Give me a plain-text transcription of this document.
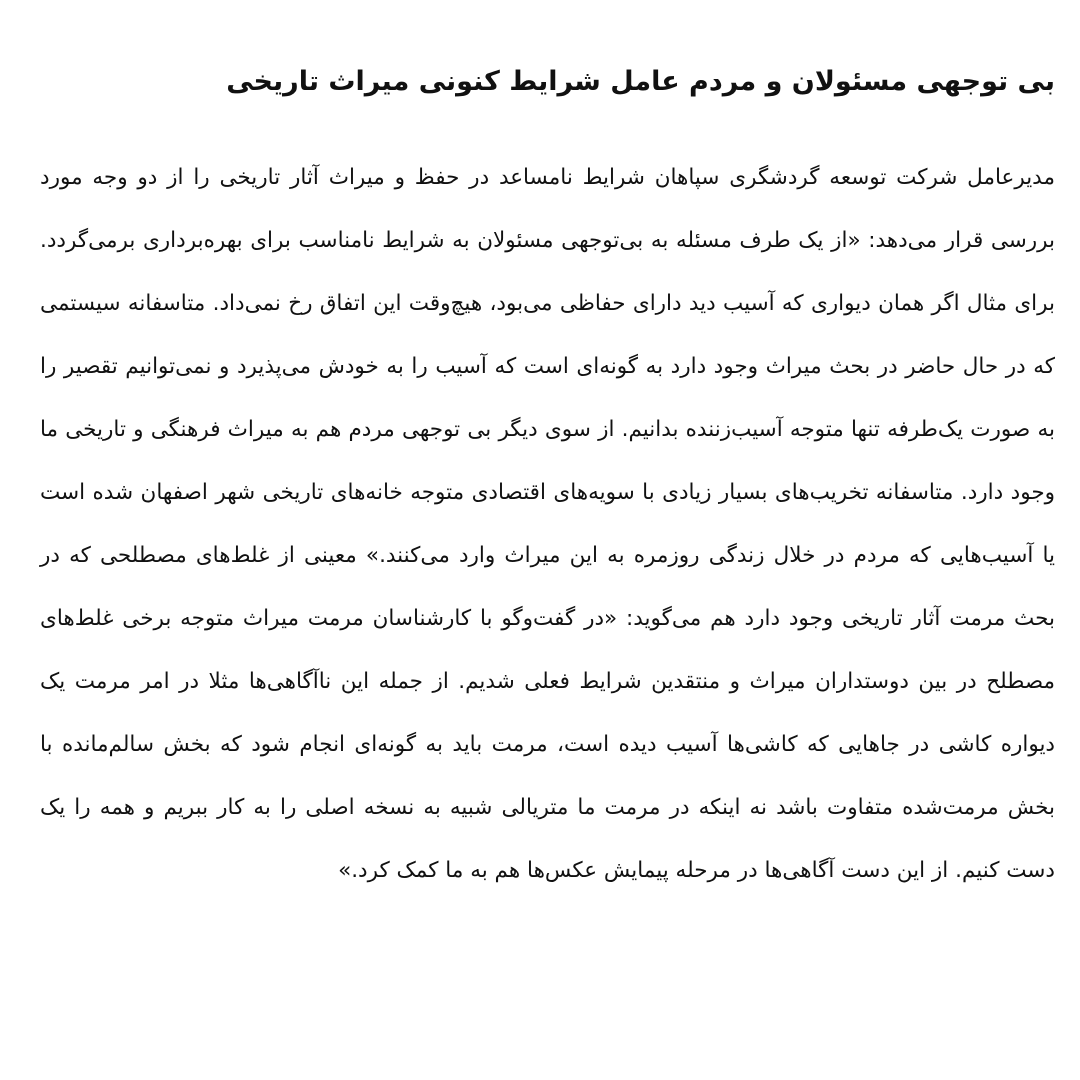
بی توجهی مسئولان و مردم عامل شرایط کنونی میراث تاریخی

مدیرعامل شرکت توسعه گردشگری سپاهان شرایط نامساعد در حفظ و میراث آثار تاریخی را از دو وجه مورد بررسی قرار می‌دهد: «از یک طرف مسئله به بی‌توجهی مسئولان به شرایط نامناسب برای بهره‌برداری برمی‌گردد. برای مثال اگر همان دیواری که آسیب دید دارای حفاظی می‌بود، هیچ‌وقت این اتفاق رخ نمی‌داد. متاسفانه سیستمی که در حال حاضر در بحث میراث وجود دارد به گونه‌ای است که آسیب را به خودش می‌پذیرد و نمی‌توانیم تقصیر را به صورت یک‌طرفه تنها متوجه آسیب‌زننده بدانیم. از سوی دیگر بی توجهی مردم هم به میراث فرهنگی و تاریخی ما وجود دارد. متاسفانه تخریب‌های بسیار زیادی با سویه‌های اقتصادی متوجه خانه‌های تاریخی شهر اصفهان شده است یا آسیب‌هایی که مردم در خلال زندگی روزمره به این میراث وارد می‌کنند.» معینی از غلط‌های مصطلحی که در بحث مرمت آثار تاریخی وجود دارد هم می‌گوید: «در گفت‌وگو با کارشناسان مرمت میراث متوجه برخی غلط‌های مصطلح در بین دوستداران میراث و منتقدین شرایط فعلی شدیم. از جمله این ناآگاهی‌ها مثلا در امر مرمت یک دیواره کاشی در جاهایی که کاشی‌ها آسیب دیده است، مرمت باید به گونه‌ای انجام شود که بخش سالم‌مانده با بخش مرمت‌شده متفاوت باشد نه اینکه در مرمت ما متریالی شبیه به نسخه اصلی را به کار ببریم و همه را یک دست کنیم. از این دست آگاهی‌ها در مرحله پیمایش عکس‌ها هم به ما کمک کرد.»
